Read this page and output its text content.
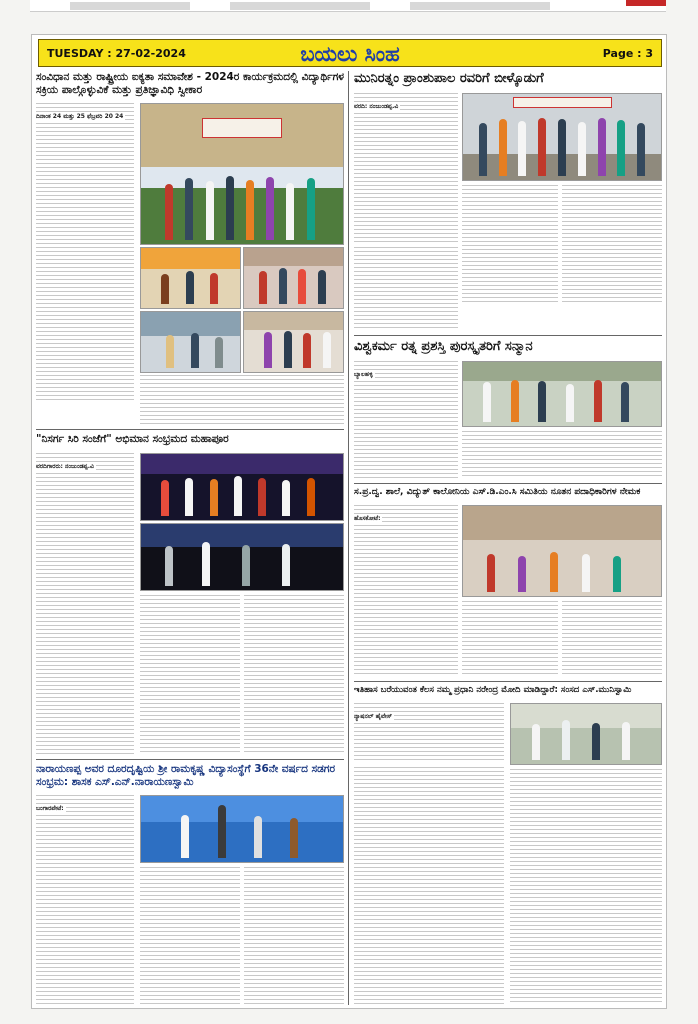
TUESDAY : 27-02-2024	ಬಯಲು ಸಿಂಹ	Page : 3
ಸಂವಿಧಾನ ಮತ್ತು ರಾಷ್ಟ್ರೀಯ ಐಕ್ಯತಾ ಸಮಾವೇಶ - 2024ರ ಕಾರ್ಯಕ್ರಮದಲ್ಲಿ ವಿದ್ಯಾರ್ಥಿಗಳ ಸಕ್ರಿಯ ಪಾಲ್ಗೊಳ್ಳುವಿಕೆ ಮತ್ತು ಪ್ರತಿಜ್ಞಾವಿಧಿ ಸ್ವೀಕಾರ
ದಿನಾಂಕ 24 ಮತ್ತು 25 ಫೆಬ್ರವರಿ 20 24
"ನಿಸರ್ಗ ಸಿರಿ ಸಂಜೆಗೆ" ಅಭಿಮಾನ ಸಂಭ್ರಮದ ಮಹಾಪೂರ
ವರದಿಗಾರರು: ನಂಜುಂಡಪ್ಪ.ವಿ
ನಾರಾಯಣಪ್ಪ ಅವರ ದೂರದೃಷ್ಟಿಯ ಶ್ರೀ ರಾಮಕೃಷ್ಣ ವಿದ್ಯಾಸಂಸ್ಥೆಗೆ 36ನೇ ವರ್ಷದ ಸಡಗರ ಸಂಭ್ರಮ: ಶಾಸಕ ಎಸ್.ಎನ್.ನಾರಾಯಣಸ್ವಾಮಿ
ಬಂಗಾರಪೇಟೆ:
ಮುನಿರತ್ನಂ ಪ್ರಾಂಶುಪಾಲ ರವರಿಗೆ ಬೀಳ್ಕೊಡುಗೆ
ವರದಿ: ನಂಜುಂಡಪ್ಪ.ವಿ
ವಿಶ್ವಕರ್ಮ ರತ್ನ ಪ್ರಶಸ್ತಿ ಪುರಸ್ಕೃತರಿಗೆ ಸನ್ಮಾನ
ಬ್ಯಾಲಹಳ್ಳಿ
ಸ.ಪ್ರ.ದ್ವ. ಶಾಲೆ, ವಿದ್ಯುತ್ ಕಾಲೋನಿಯ ಎಸ್.ಡಿ.ಎಂ.ಸಿ ಸಮಿತಿಯ ನೂತನ ಪದಾಧಿಕಾರಿಗಳ ನೇಮಕ
ಹೊಸಕೋಟೆ:
ಇತಿಹಾಸ ಬರೆಯುವಂತ ಕೆಲಸ ನಮ್ಮ ಪ್ರಧಾನಿ ನರೇಂದ್ರ ಮೋದಿ ಮಾಡಿದ್ದಾರೆ: ಸಂಸದ ಎಸ್.ಮುನಿಸ್ವಾಮಿ
ನ್ಯಾಷನಲ್ ಹೈವೇಸ್
